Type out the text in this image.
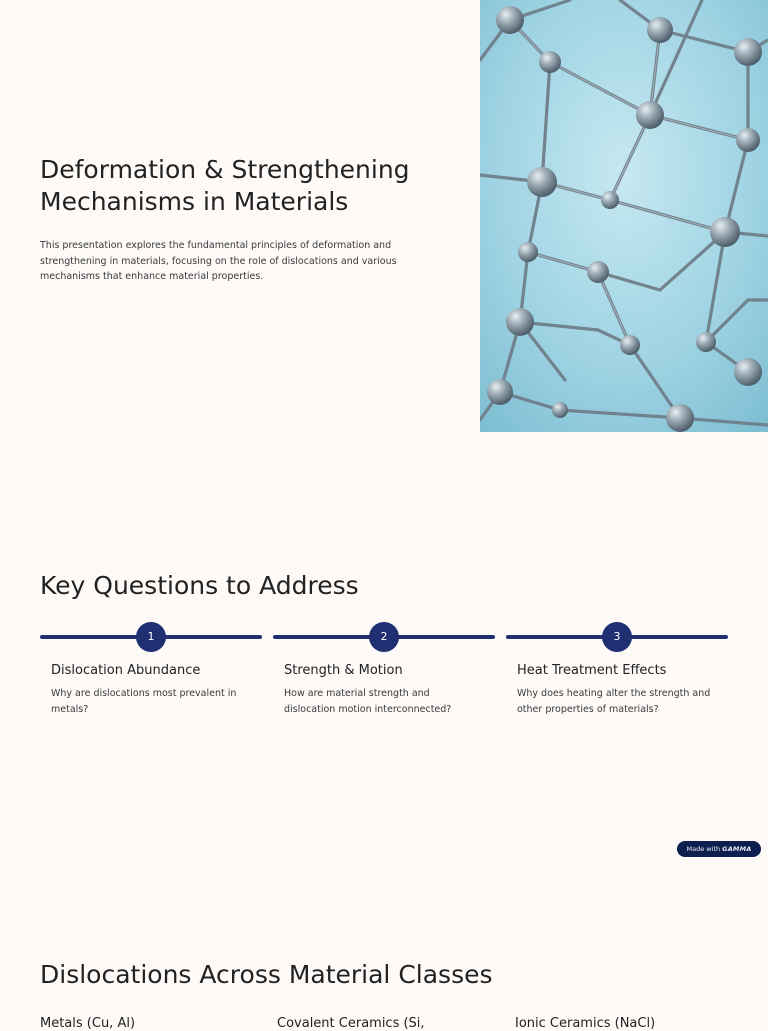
Deformation & Strengthening Mechanisms in Materials

This presentation explores the fundamental principles of deformation and strengthening in materials, focusing on the role of dislocations and various mechanisms that enhance material properties.

Key Questions to Address
1
Dislocation Abundance

Why are dislocations most prevalent in metals?

2
Strength & Motion

How are material strength and dislocation motion interconnected?

3
Heat Treatment Effects

Why does heating alter the strength and other properties of materials?

Made with GAMMA
Dislocations Across Material Classes
Metals (Cu, Al)	Covalent Ceramics (Si,	Ionic Ceramics (NaCl)
